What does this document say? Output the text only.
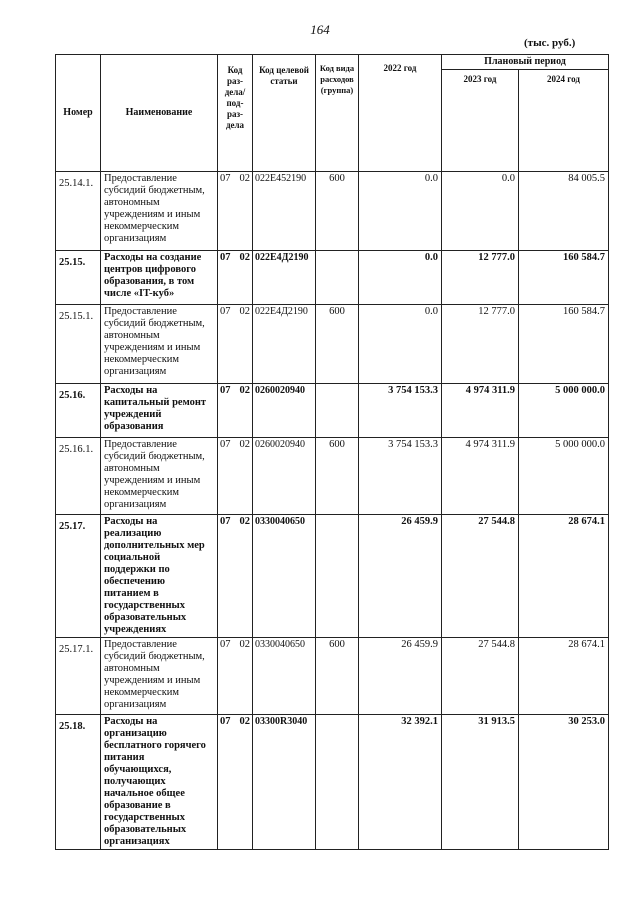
164
(тыс. руб.)
Номер	Наименование	Код раз-дела/ под-раз-дела	Код целевой статьи	Код вида расходов (группа)	2022 год	Плановый период	
						2023 год	2024 год
25.14.1.	Предоставление субсидий бюджетным, автономным учреждениям и иным некоммерческим организациям	07 02	022E452190	600	0.0	0.0	84 005.5
25.15.	Расходы на создание центров цифрового образования, в том числе «IT-куб»	07 02	022E4Д2190		0.0	12 777.0	160 584.7
25.15.1.	Предоставление субсидий бюджетным, автономным учреждениям и иным некоммерческим организациям	07 02	022E4Д2190	600	0.0	12 777.0	160 584.7
25.16.	Расходы на капитальный ремонт учреждений образования	07 02	0260020940		3 754 153.3	4 974 311.9	5 000 000.0
25.16.1.	Предоставление субсидий бюджетным, автономным учреждениям и иным некоммерческим организациям	07 02	0260020940	600	3 754 153.3	4 974 311.9	5 000 000.0
25.17.	Расходы на реализацию дополнительных мер социальной поддержки по обеспечению питанием в государственных образовательных учреждениях	07 02	0330040650		26 459.9	27 544.8	28 674.1
25.17.1.	Предоставление субсидий бюджетным, автономным учреждениям и иным некоммерческим организациям	07 02	0330040650	600	26 459.9	27 544.8	28 674.1
25.18.	Расходы на организацию бесплатного горячего питания обучающихся, получающих начальное общее образование в государственных образовательных организациях	07 02	03300R3040		32 392.1	31 913.5	30 253.0
